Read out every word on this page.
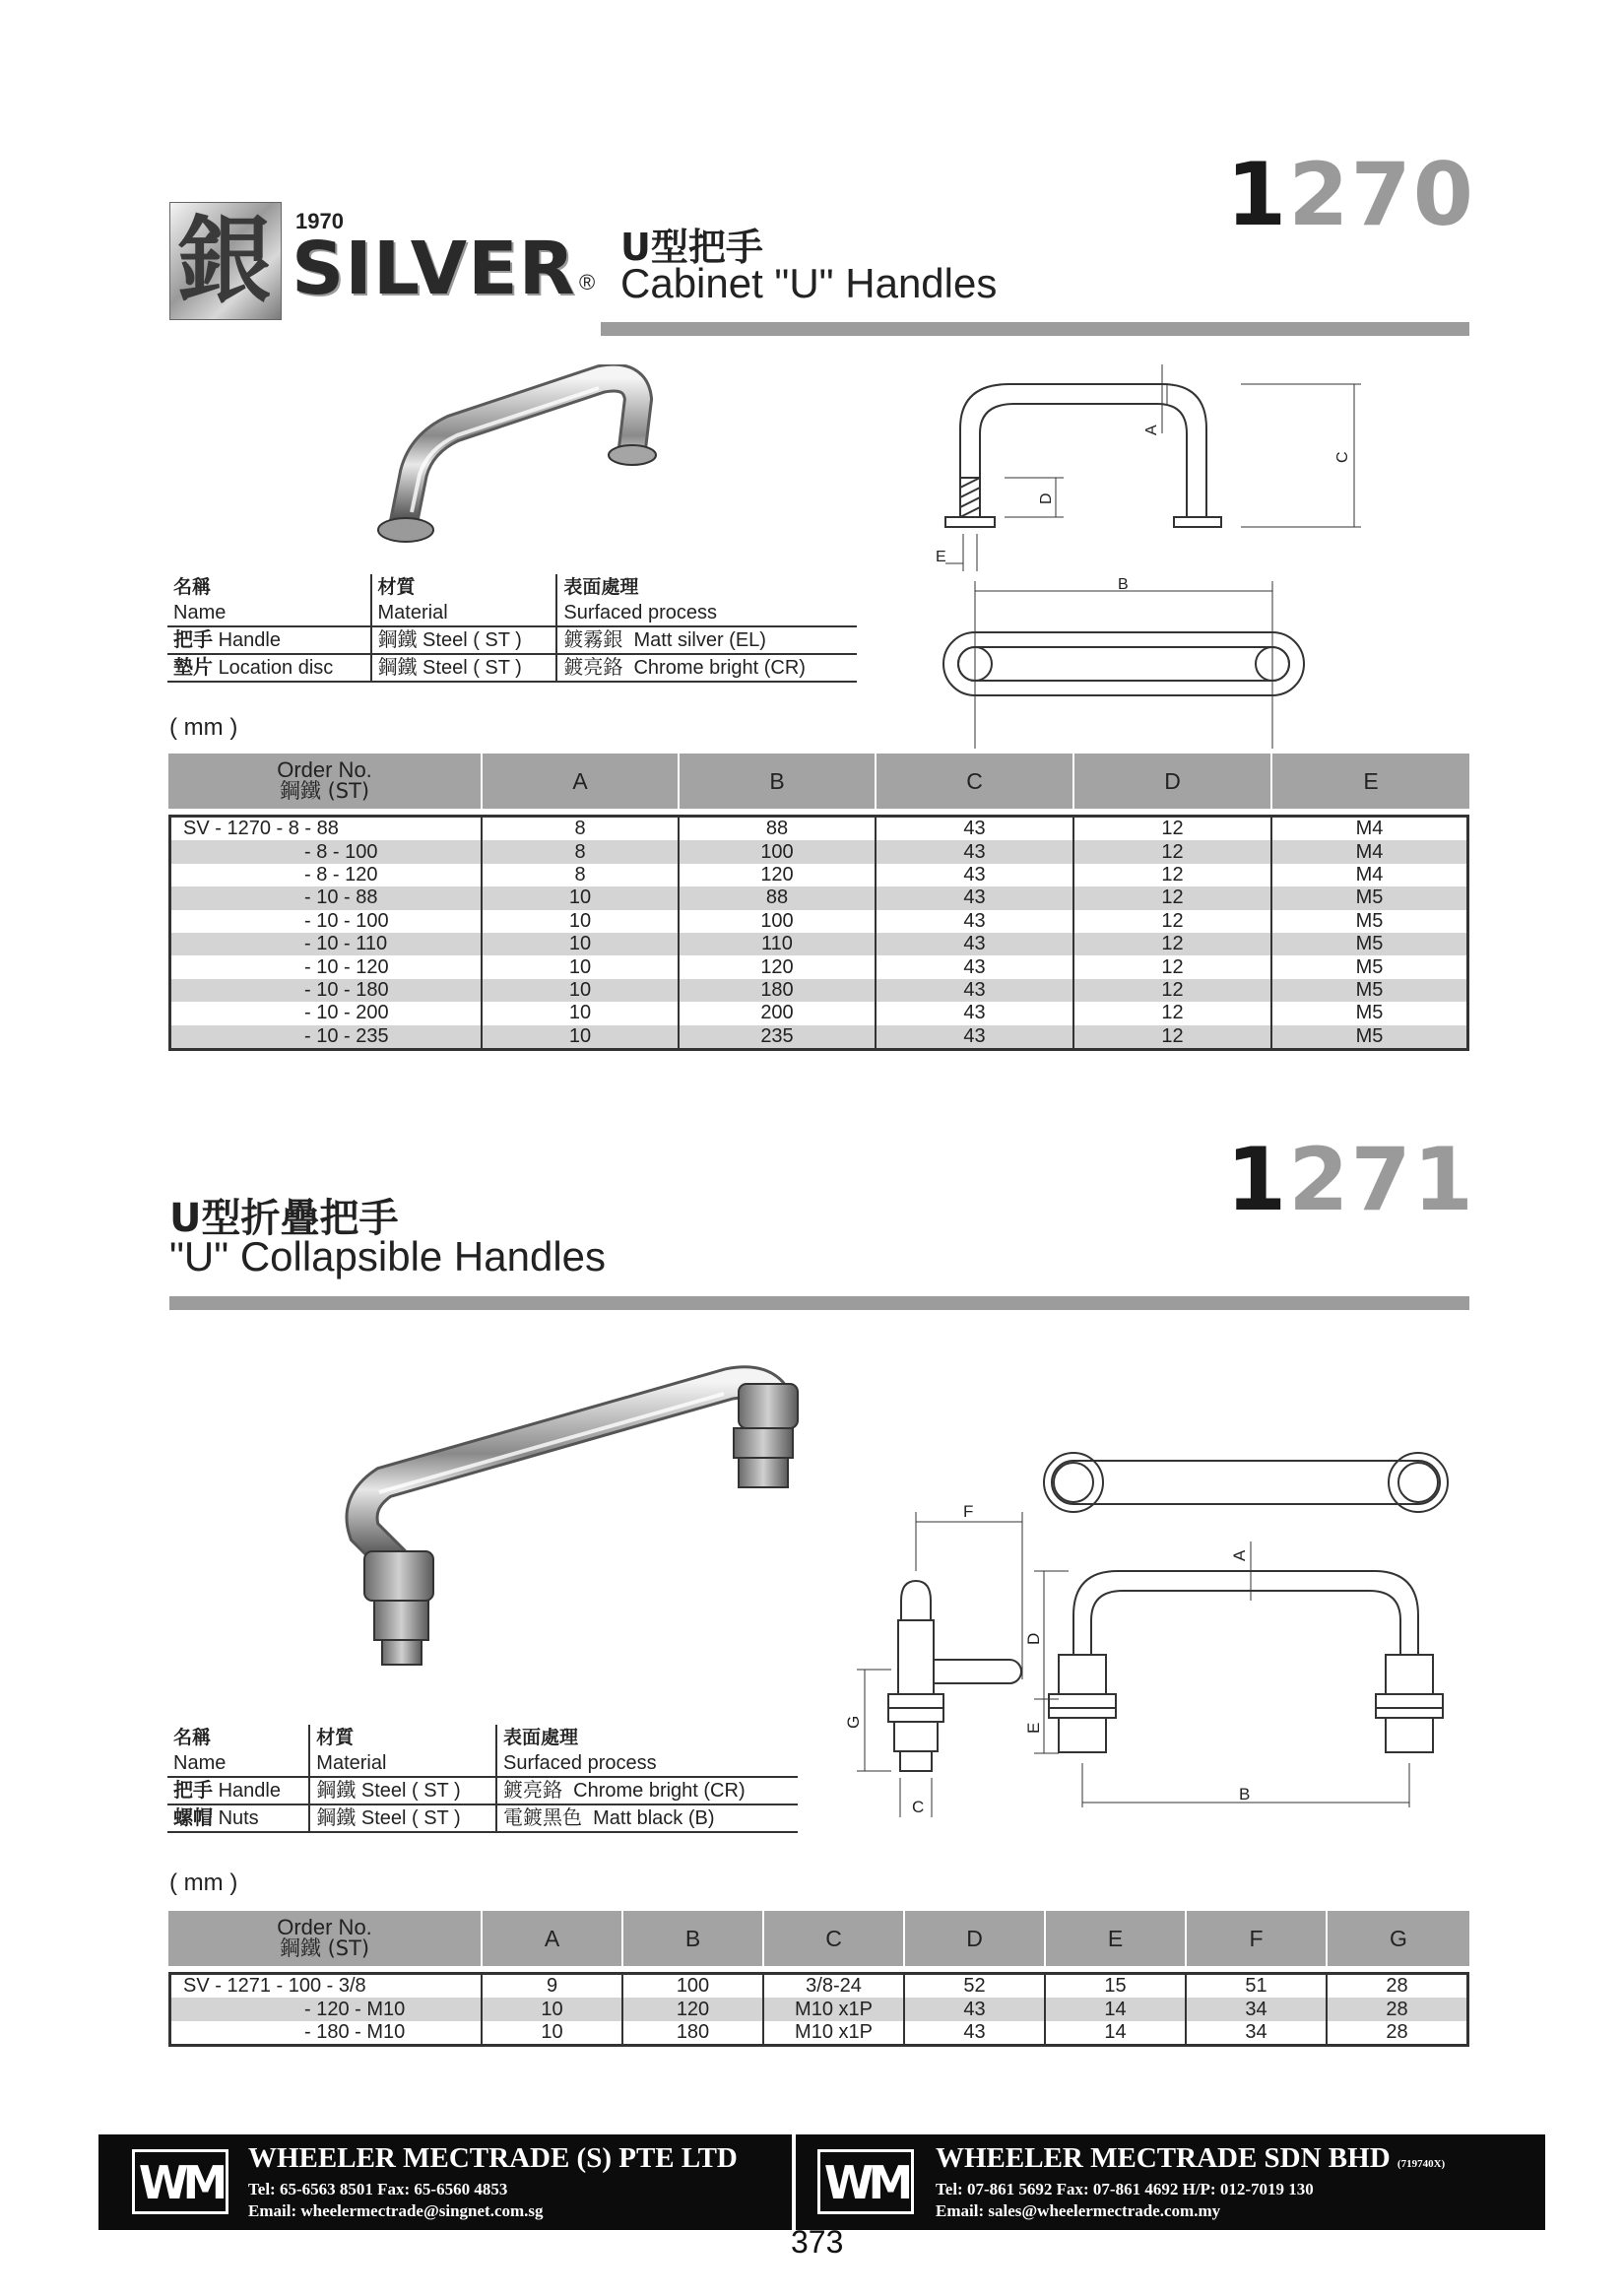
銀	1970
SILVER ®
U型把手
Cabinet "U" Handles
1270
A
B
C
D
E
名稱	材質	表面處理
Name	Material	Surfaced process
把手 Handle	鋼鐵 Steel ( ST )	鍍霧銀 Matt silver (EL)
墊片 Location disc	鋼鐵 Steel ( ST )	鍍亮鉻 Chrome bright (CR)
( mm )
Order No.
鋼鐵 (ST)	A	B	C	D	E
SV - 1270 - 8 - 88	8	88	43	12	M4
- 8 - 100	8	100	43	12	M4
- 8 - 120	8	120	43	12	M4
- 10 - 88	10	88	43	12	M5
- 10 - 100	10	100	43	12	M5
- 10 - 110	10	110	43	12	M5
- 10 - 120	10	120	43	12	M5
- 10 - 180	10	180	43	12	M5
- 10 - 200	10	200	43	12	M5
- 10 - 235	10	235	43	12	M5
1271
U型折疊把手
"U" Collapsible Handles
A
B
C
D
E
F
G
名稱	材質	表面處理
Name	Material	Surfaced process
把手 Handle	鋼鐵 Steel ( ST )	鍍亮鉻 Chrome bright (CR)
螺帽 Nuts	鋼鐵 Steel ( ST )	電鍍黑色 Matt black (B)
( mm )
Order No.
鋼鐵 (ST)	A	B	C	D	E	F	G
SV - 1271 - 100 - 3/8	9	100	3/8-24	52	15	51	28
- 120 - M10	10	120	M10 x1P	43	14	34	28
- 180 - M10	10	180	M10 x1P	43	14	34	28
WM WHEELER MECTRADE (S) PTE LTD
Tel: 65-6563 8501 Fax: 65-6560 4853
Email: wheelermectrade@singnet.com.sg
WM WHEELER MECTRADE SDN BHD (719740X)
Tel: 07-861 5692 Fax: 07-861 4692 H/P: 012-7019 130
Email: sales@wheelermectrade.com.my
373
